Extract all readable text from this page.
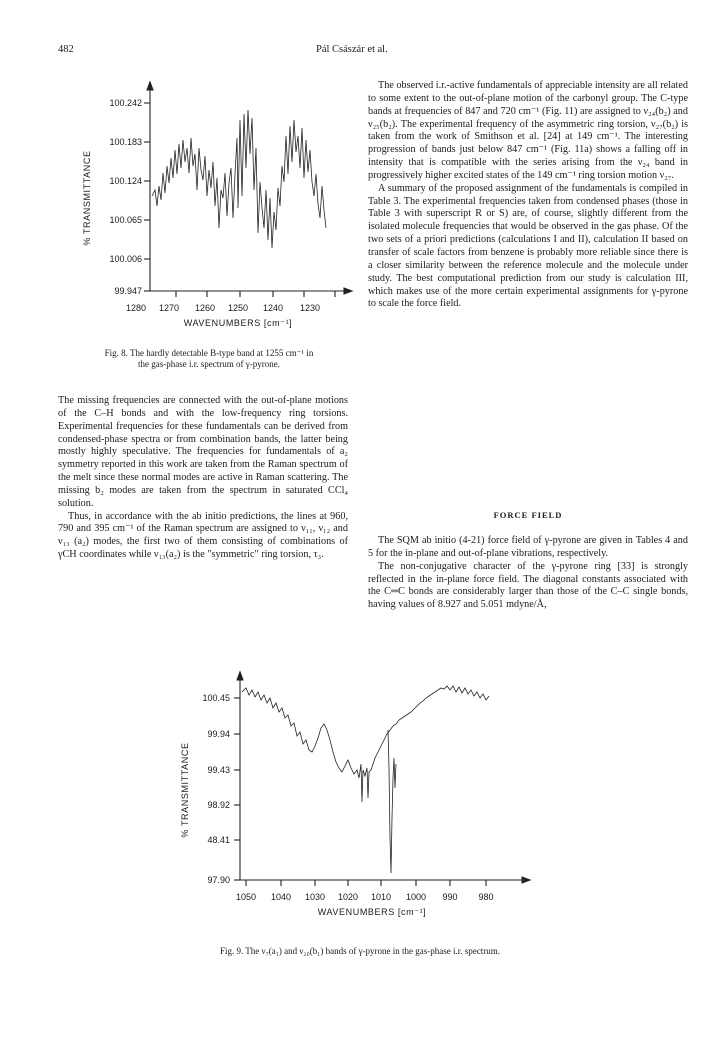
482	Pál Császár et al.
100.242
100.183
100.124
100.065
100.006
99.947
1280 1270 1260 1250 1240 1230
WAVENUMBERS [cm⁻¹]
% TRANSMITTANCE
Fig. 8. The hardly detectable B-type band at 1255 cm⁻¹ in
the gas-phase i.r. spectrum of γ-pyrone.

The missing frequencies are connected with the out-of-plane motions of the C–H bonds and with the low-frequency ring torsions. Experimental frequencies for these fundamentals can be derived from condensed-phase spectra or from combination bands, the latter being mostly highly speculative. The frequencies for fundamentals of a₂ symmetry reported in this work are taken from the Raman spectrum of the melt since these normal modes are active in Raman scattering. The missing b₂ modes are taken from the spectrum in saturated CCl₄ solution.

Thus, in accordance with the ab initio predictions, the lines at 960, 790 and 395 cm⁻¹ of the Raman spectrum are assigned to ν₁₁, ν₁₂ and ν₁₃ (a₂) modes, the first two of them consisting of combinations of γCH coordinates while ν₁₃(a₂) is the "symmetric" ring torsion, τ₃.

The observed i.r.-active fundamentals of appreciable intensity are all related to some extent to the out-of-plane motion of the carbonyl group. The C-type bands at frequencies of 847 and 720 cm⁻¹ (Fig. 11) are assigned to ν₂₄(b₂) and ν₂₅(b₂). The experimental frequency of the asymmetric ring torsion, ν₂₇(b₂) is taken from the work of Smithson et al. [24] at 149 cm⁻¹. The interesting progression of bands just below 847 cm⁻¹ (Fig. 11a) shows a falling off in intensity that is compatible with the series arising from the ν₂₄ band in progressively higher excited states of the 149 cm⁻¹ ring torsion motion ν₂₇.

A summary of the proposed assignment of the fundamentals is compiled in Table 3. The experimental frequencies taken from condensed phases (those in Table 3 with superscript R or S) are, of course, slightly different from the isolated molecule frequencies that would be observed in the gas phase. Of the two sets of a priori predictions (calculations I and II), calculation II based on transfer of scale factors from benzene is probably more reliable since there is a closer similarity between the reference molecule and the molecule under study. The best computational prediction from our study is calculation III, which makes use of the more certain experimental assignments for γ-pyrone to scale the force field.

FORCE FIELD

The SQM ab initio (4-21) force field of γ-pyrone are given in Tables 4 and 5 for the in-plane and out-of-plane vibrations, respectively.

The non-conjugative character of the γ-pyrone ring [33] is strongly reflected in the in-plane force field. The diagonal constants associated with the C═C bonds are considerably larger than those of the C–C single bonds, having values of 8.927 and 5.051 mdyne/Å,

100.45
99.94
99.43
98.92
48.41
97.90
1050 1040 1030 1020 1010 1000 990 980
WAVENUMBERS [cm⁻¹]
% TRANSMITTANCE
Fig. 9. The ν₇(a₁) and ν₂₀(b₁) bands of γ-pyrone in the gas-phase i.r. spectrum.
